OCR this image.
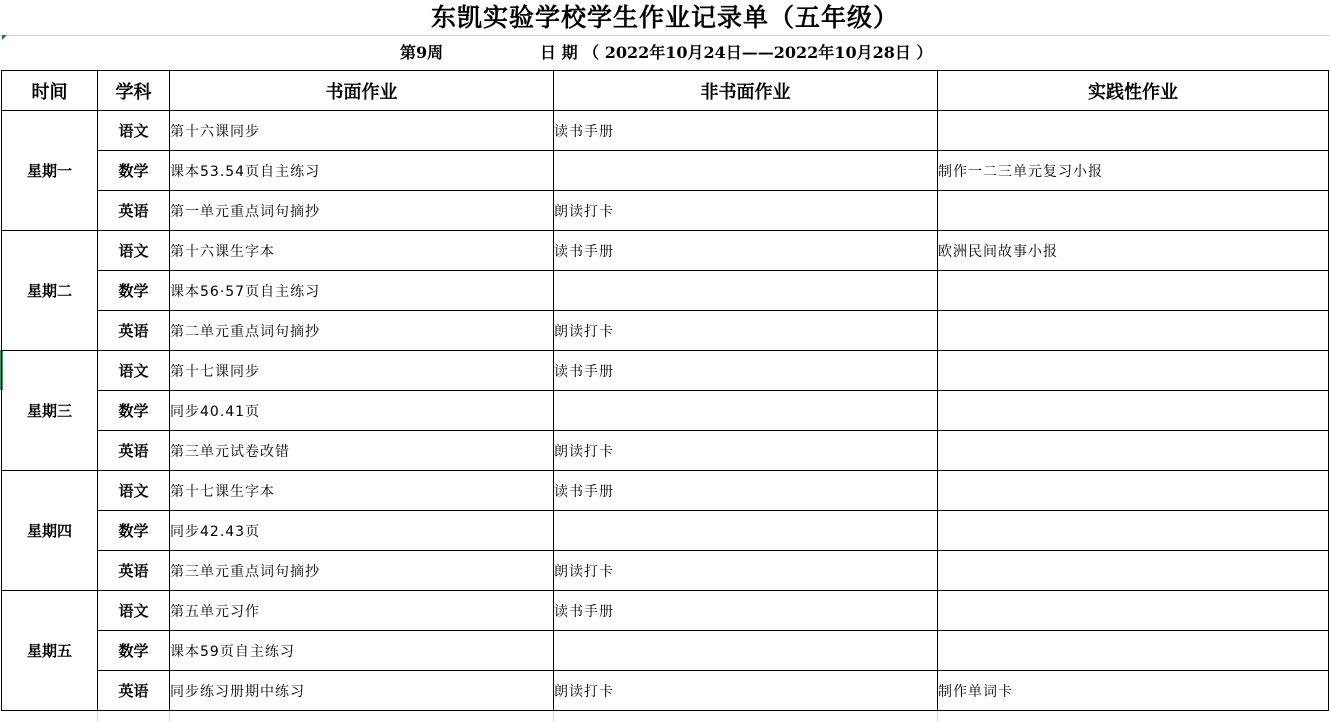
东凯实验学校学生作业记录单（五年级）
第9周	日 期 （ 2022年10月24日——2022年10月28日 ）
时间	学科	书面作业	非书面作业	实践性作业
星期一	语文	第十六课同步	读书手册	
	数学	课本53.54页自主练习		制作一二三单元复习小报
	英语	第一单元重点词句摘抄	朗读打卡	
星期二	语文	第十六课生字本	读书手册	欧洲民间故事小报
	数学	课本56·57页自主练习		
	英语	第二单元重点词句摘抄	朗读打卡	
星期三	语文	第十七课同步	读书手册	
	数学	同步40.41页		
	英语	第三单元试卷改错	朗读打卡	
星期四	语文	第十七课生字本	读书手册	
	数学	同步42.43页		
	英语	第三单元重点词句摘抄	朗读打卡	
星期五	语文	第五单元习作	读书手册	
	数学	课本59页自主练习		
	英语	同步练习册期中练习	朗读打卡	制作单词卡
